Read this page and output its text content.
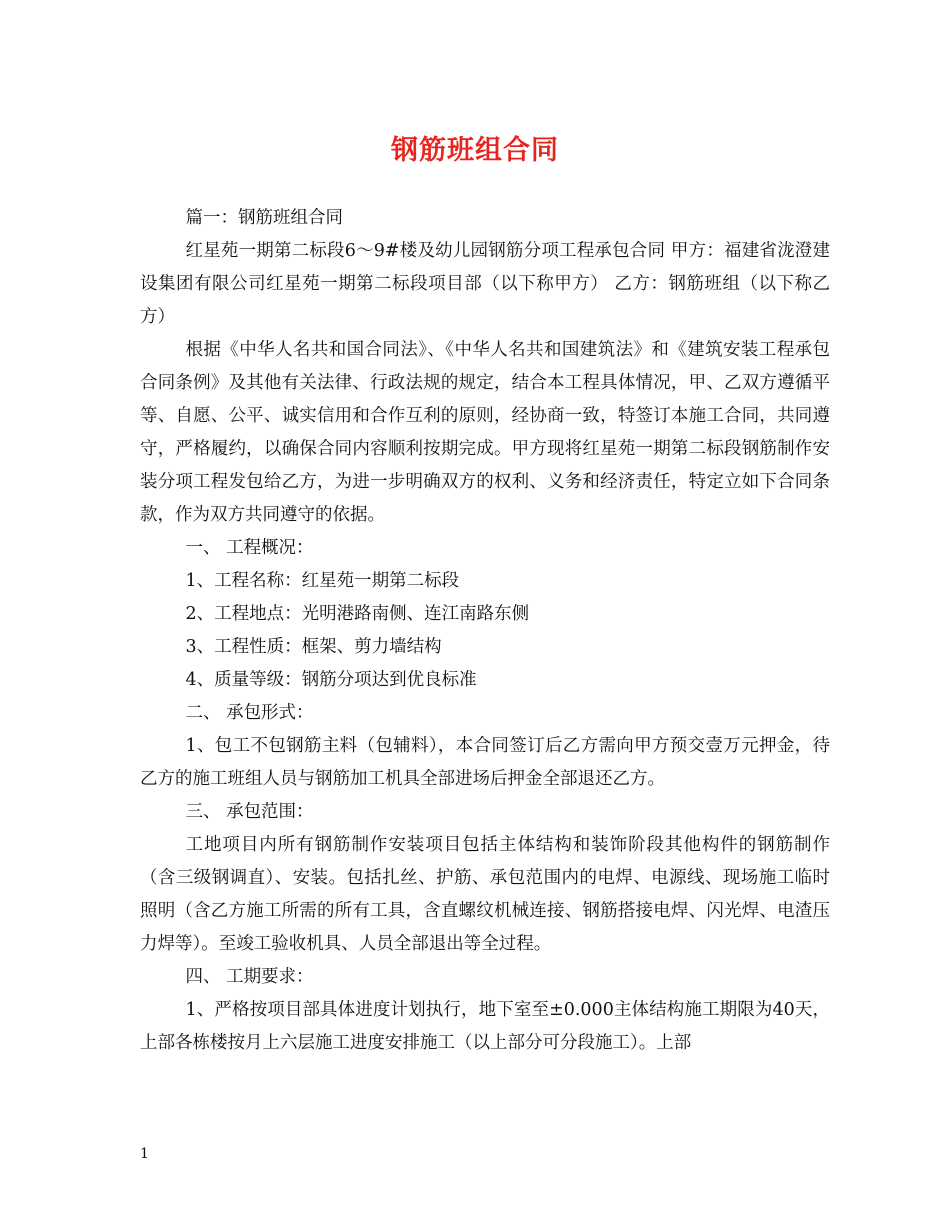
钢筋班组合同

篇一：钢筋班组合同

红星苑一期第二标段6～9#楼及幼儿园钢筋分项工程承包合同 甲方：福建省泷澄建设集团有限公司红星苑一期第二标段项目部（以下称甲方） 乙方：钢筋班组（以下称乙方）

根据《中华人名共和国合同法》、《中华人名共和国建筑法》和《建筑安装工程承包合同条例》及其他有关法律、行政法规的规定，结合本工程具体情况，甲、乙双方遵循平等、自愿、公平、诚实信用和合作互利的原则，经协商一致，特签订本施工合同，共同遵守，严格履约，以确保合同内容顺利按期完成。甲方现将红星苑一期第二标段钢筋制作安装分项工程发包给乙方，为进一步明确双方的权利、义务和经济责任，特定立如下合同条款，作为双方共同遵守的依据。

一、 工程概况：

1、工程名称：红星苑一期第二标段

2、工程地点：光明港路南侧、连江南路东侧

3、工程性质：框架、剪力墙结构

4、质量等级：钢筋分项达到优良标准

二、 承包形式：

1、包工不包钢筋主料（包辅料），本合同签订后乙方需向甲方预交壹万元押金，待乙方的施工班组人员与钢筋加工机具全部进场后押金全部退还乙方。

三、 承包范围：

工地项目内所有钢筋制作安装项目包括主体结构和装饰阶段其他构件的钢筋制作（含三级钢调直）、安装。包括扎丝、护筋、承包范围内的电焊、电源线、现场施工临时照明（含乙方施工所需的所有工具，含直螺纹机械连接、钢筋搭接电焊、闪光焊、电渣压力焊等）。至竣工验收机具、人员全部退出等全过程。

四、 工期要求：

1、严格按项目部具体进度计划执行，地下室至±0.000主体结构施工期限为40天，上部各栋楼按月上六层施工进度安排施工（以上部分可分段施工）。上部

1
